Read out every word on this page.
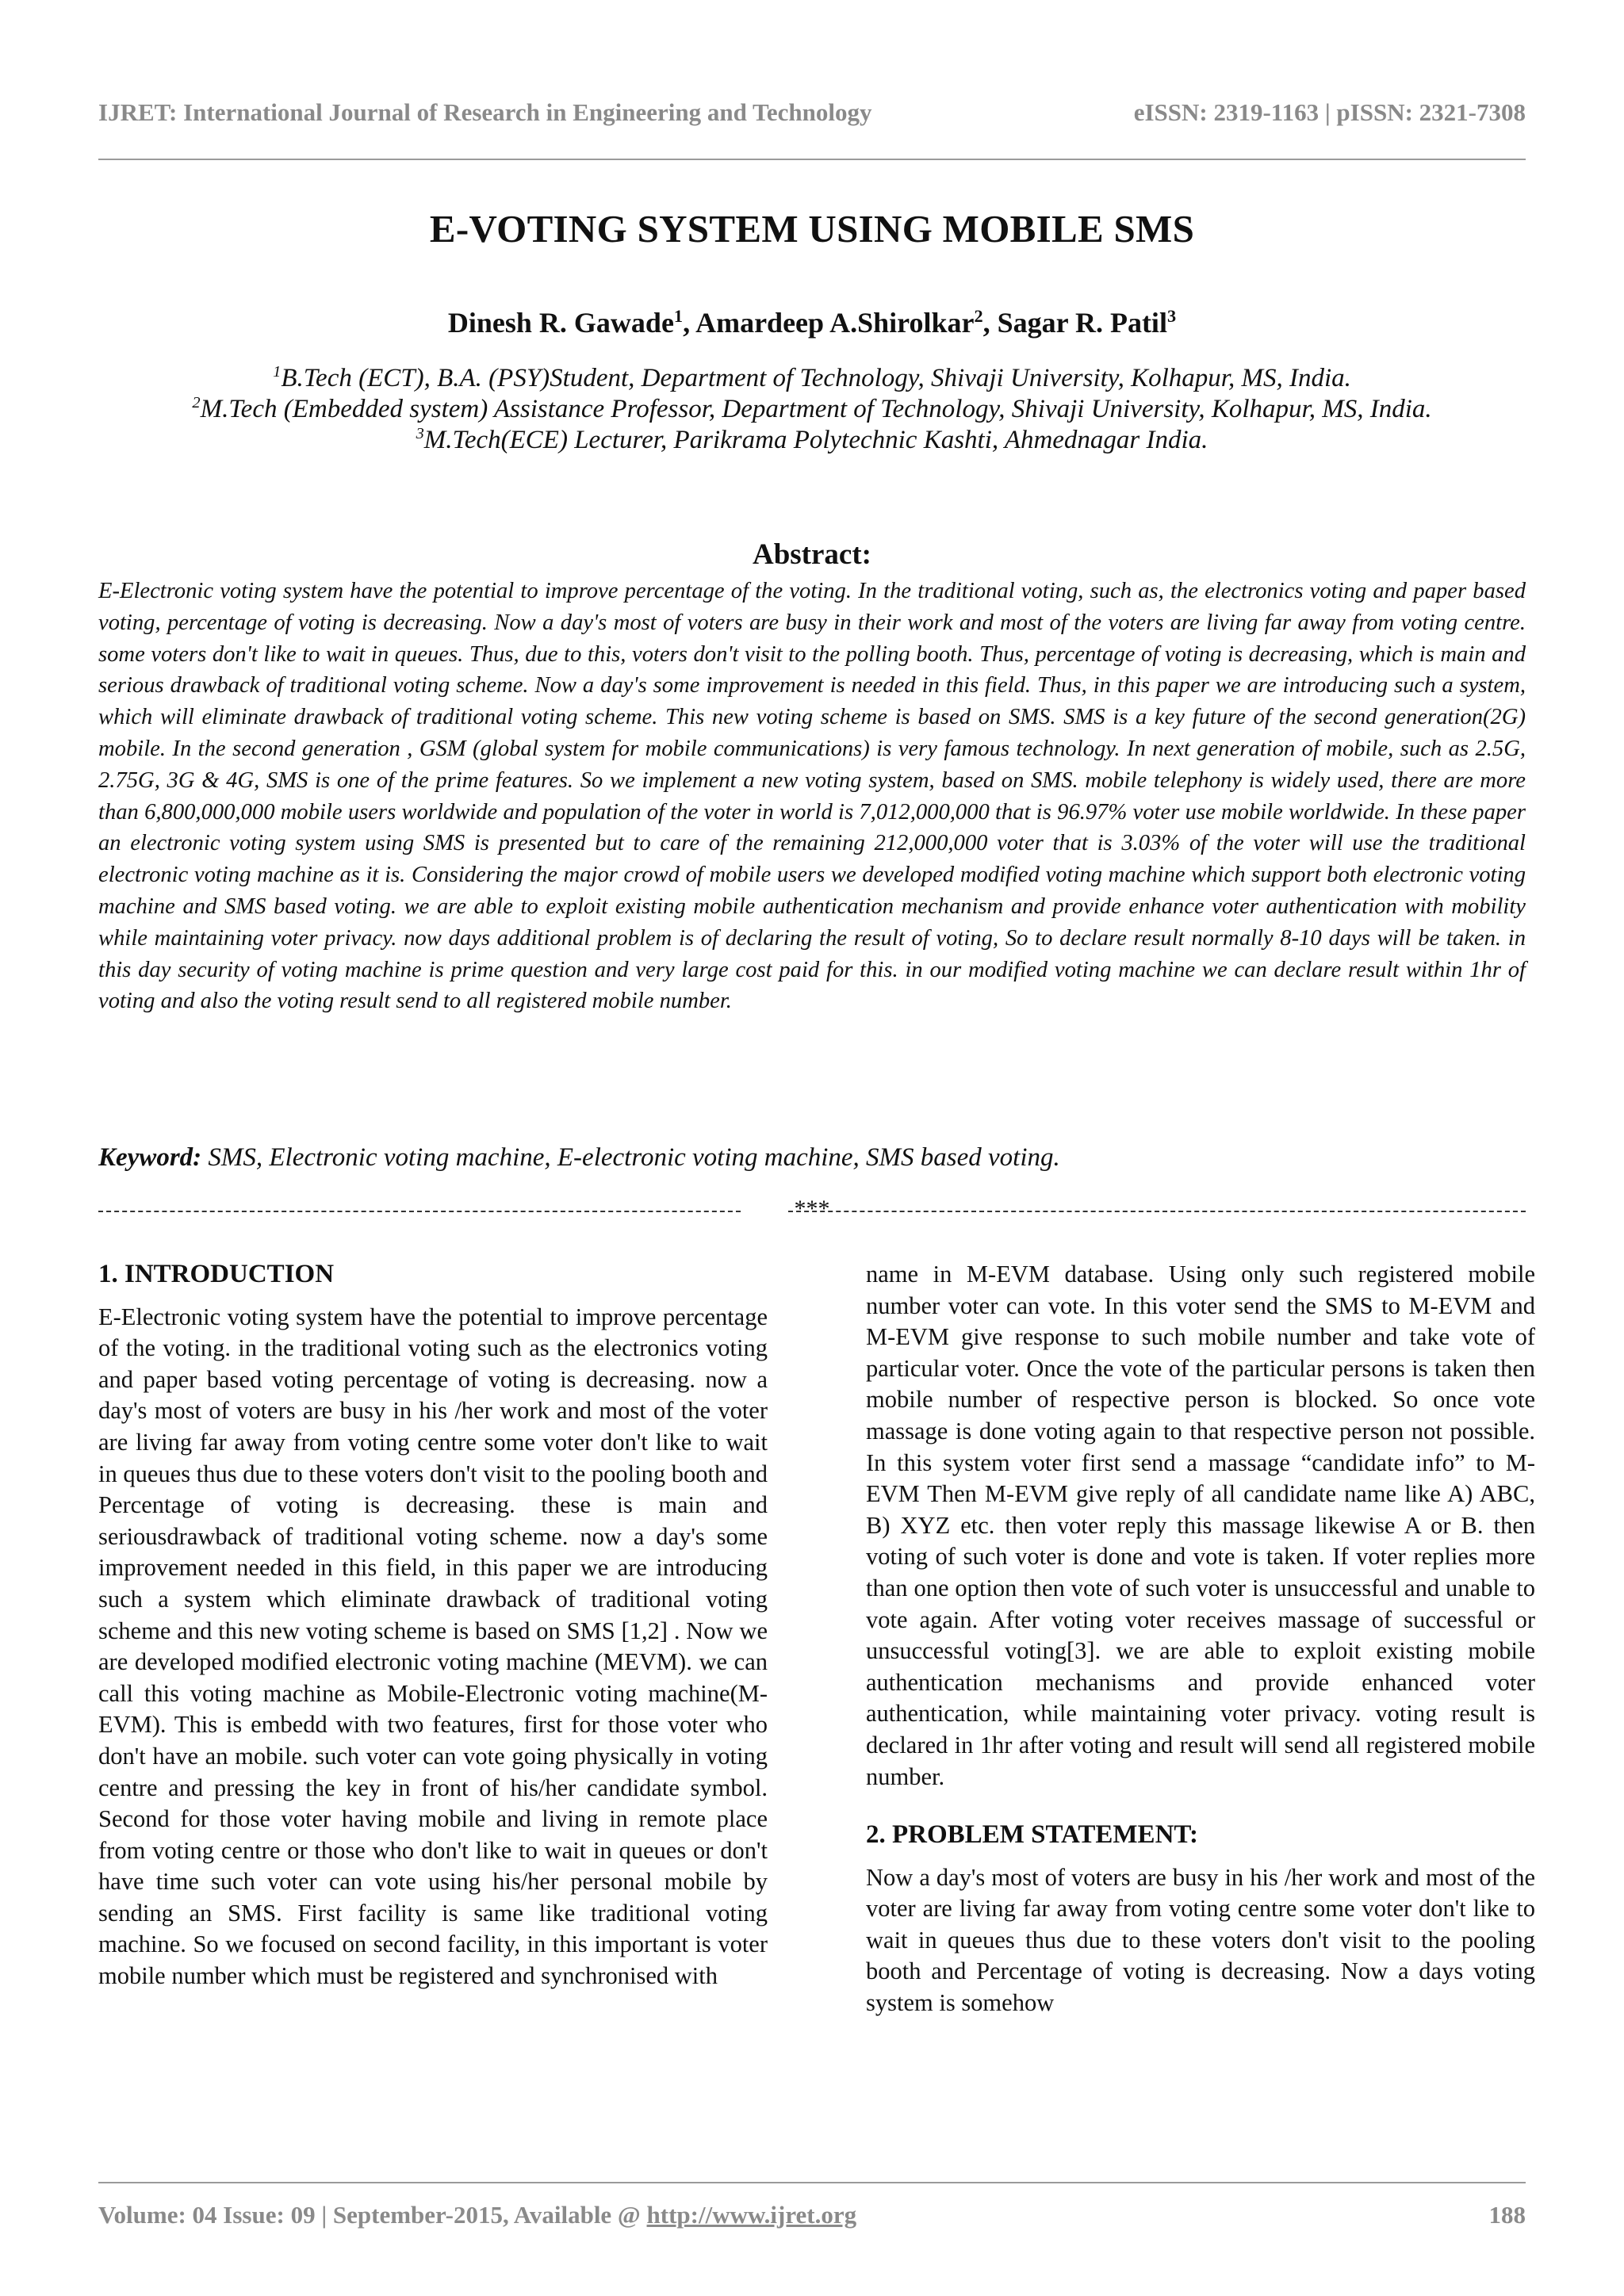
IJRET: International Journal of Research in Engineering and Technology	eISSN: 2319-1163 | pISSN: 2321-7308
E-VOTING SYSTEM USING MOBILE SMS
Dinesh R. Gawade$^1$, Amardeep A.Shirolkar$^2$, Sagar R. Patil$^3$
$^1$B.Tech (ECT), B.A. (PSY)Student, Department of Technology, Shivaji University, Kolhapur, MS, India.
$^2$M.Tech (Embedded system) Assistance Professor, Department of Technology, Shivaji University, Kolhapur, MS, India.
$^3$M.Tech(ECE) Lecturer, Parikrama Polytechnic Kashti, Ahmednagar India.
Abstract:
E-Electronic voting system have the potential to improve percentage of the voting. In the traditional voting, such as, the electronics voting and paper based voting, percentage of voting is decreasing. Now a day's most of voters are busy in their work and most of the voters are living far away from voting centre. some voters don't like to wait in queues. Thus, due to this, voters don't visit to the polling booth. Thus, percentage of voting is decreasing, which is main and serious drawback of traditional voting scheme. Now a day's some improvement is needed in this field. Thus, in this paper we are introducing such a system, which will eliminate drawback of traditional voting scheme. This new voting scheme is based on SMS. SMS is a key future of the second generation(2G) mobile. In the second generation , GSM (global system for mobile communications) is very famous technology. In next generation of mobile, such as 2.5G, 2.75G, 3G & 4G, SMS is one of the prime features. So we implement a new voting system, based on SMS. mobile telephony is widely used, there are more than 6,800,000,000 mobile users worldwide and population of the voter in world is 7,012,000,000 that is 96.97% voter use mobile worldwide. In these paper an electronic voting system using SMS is presented but to care of the remaining 212,000,000 voter that is 3.03% of the voter will use the traditional electronic voting machine as it is. Considering the major crowd of mobile users we developed modified voting machine which support both electronic voting machine and SMS based voting. we are able to exploit existing mobile authentication mechanism and provide enhance voter authentication with mobility while maintaining voter privacy. now days additional problem is of declaring the result of voting, So to declare result normally 8-10 days will be taken. in this day security of voting machine is prime question and very large cost paid for this. in our modified voting machine we can declare result within 1hr of voting and also the voting result send to all registered mobile number.
Keyword: SMS, Electronic voting machine, E-electronic voting machine, SMS based voting.
***
1. INTRODUCTION

E-Electronic voting system have the potential to improve percentage of the voting. in the traditional voting such as the electronics voting and paper based voting percentage of voting is decreasing. now a day's most of voters are busy in his /her work and most of the voter are living far away from voting centre some voter don't like to wait in queues thus due to these voters don't visit to the pooling booth and Percentage of voting is decreasing. these is main and seriousdrawback of traditional voting scheme. now a day's some improvement needed in this field, in this paper we are introducing such a system which eliminate drawback of traditional voting scheme and this new voting scheme is based on SMS [1,2] . Now we are developed modified electronic voting machine (MEVM). we can call this voting machine as Mobile-Electronic voting machine(M-EVM). This is embedd with two features, first for those voter who don't have an mobile. such voter can vote going physically in voting centre and pressing the key in front of his/her candidate symbol. Second for those voter having mobile and living in remote place from voting centre or those who don't like to wait in queues or don't have time such voter can vote using his/her personal mobile by sending an SMS. First facility is same like traditional voting machine. So we focused on second facility, in this important is voter mobile number which must be registered and synchronised with

name in M-EVM database. Using only such registered mobile number voter can vote. In this voter send the SMS to M-EVM and M-EVM give response to such mobile number and take vote of particular voter. Once the vote of the particular persons is taken then mobile number of respective person is blocked. So once vote massage is done voting again to that respective person not possible. In this system voter first send a massage “candidate info” to M-EVM Then M-EVM give reply of all candidate name like A) ABC, B) XYZ etc. then voter reply this massage likewise A or B. then voting of such voter is done and vote is taken. If voter replies more than one option then vote of such voter is unsuccessful and unable to vote again. After voting voter receives massage of successful or unsuccessful voting[3]. we are able to exploit existing mobile authentication mechanisms and provide enhanced voter authentication, while maintaining voter privacy. voting result is declared in 1hr after voting and result will send all registered mobile number.

2. PROBLEM STATEMENT:

Now a day's most of voters are busy in his /her work and most of the voter are living far away from voting centre some voter don't like to wait in queues thus due to these voters don't visit to the pooling booth and Percentage of voting is decreasing. Now a days voting system is somehow

Volume: 04 Issue: 09 | September-2015, Available @ http://www.ijret.org	188
